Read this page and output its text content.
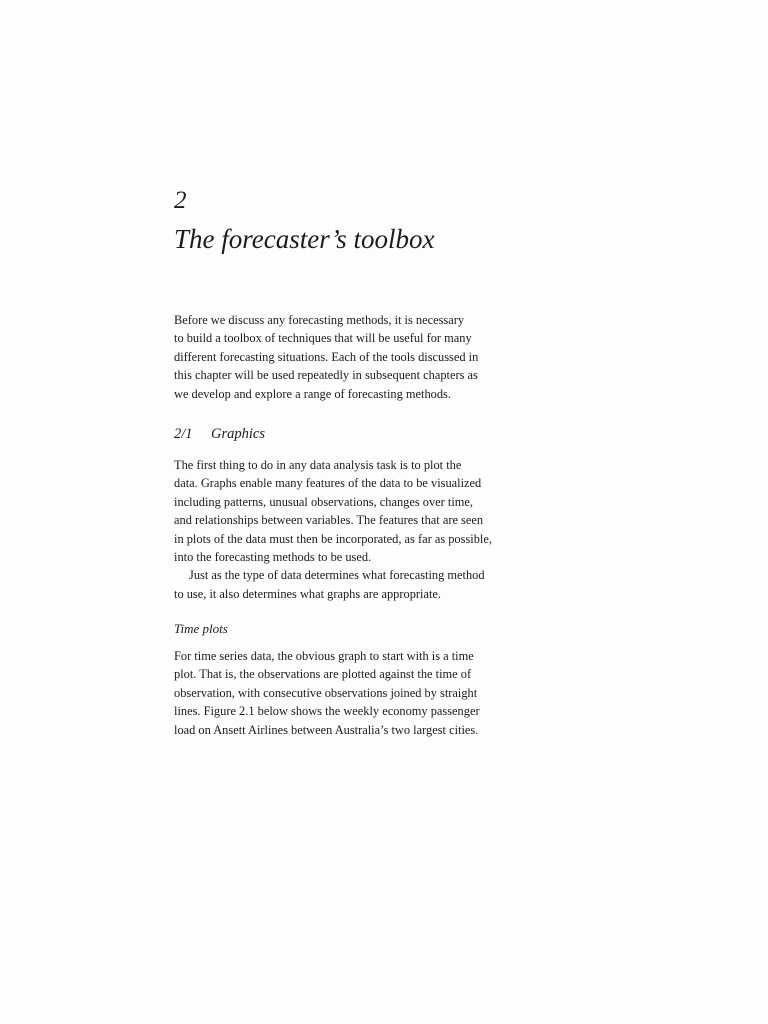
2
The forecaster’s toolbox
Before we discuss any forecasting methods, it is necessary
to build a toolbox of techniques that will be useful for many
different forecasting situations. Each of the tools discussed in
this chapter will be used repeatedly in subsequent chapters as
we develop and explore a range of forecasting methods.
2/1 Graphics
The first thing to do in any data analysis task is to plot the
data. Graphs enable many features of the data to be visualized
including patterns, unusual observations, changes over time,
and relationships between variables. The features that are seen
in plots of the data must then be incorporated, as far as possible,
into the forecasting methods to be used.
Just as the type of data determines what forecasting method
to use, it also determines what graphs are appropriate.
Time plots
For time series data, the obvious graph to start with is a time
plot. That is, the observations are plotted against the time of
observation, with consecutive observations joined by straight
lines. Figure 2.1 below shows the weekly economy passenger
load on Ansett Airlines between Australia’s two largest cities.
